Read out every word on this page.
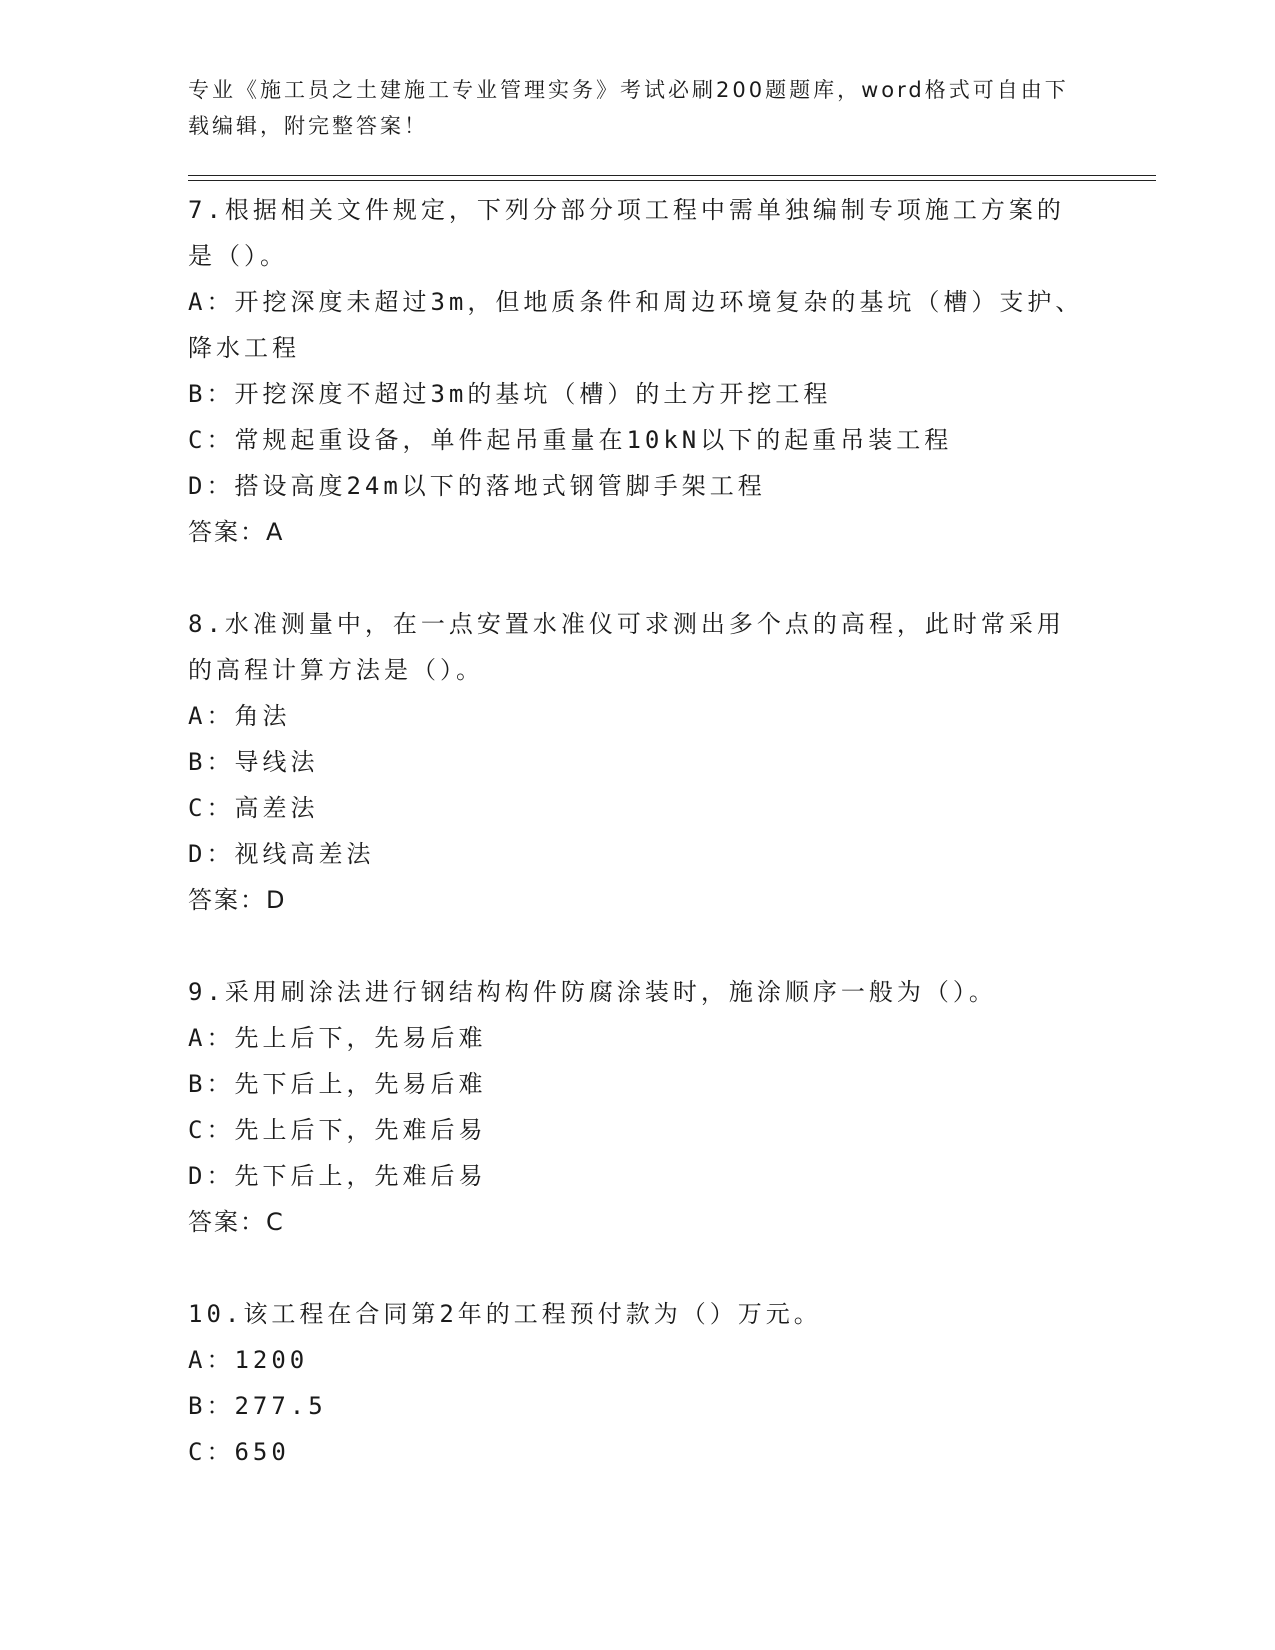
专业《施工员之土建施工专业管理实务》考试必刷200题题库，word格式可自由下载编辑，附完整答案！

7.根据相关文件规定，下列分部分项工程中需单独编制专项施工方案的是（）。

A：开挖深度未超过3m，但地质条件和周边环境复杂的基坑（槽）支护、降水工程

B：开挖深度不超过3m的基坑（槽）的土方开挖工程

C：常规起重设备，单件起吊重量在10kN以下的起重吊装工程

D：搭设高度24m以下的落地式钢管脚手架工程

答案：A

8.水准测量中，在一点安置水准仪可求测出多个点的高程，此时常采用的高程计算方法是（）。

A：角法

B：导线法

C：高差法

D：视线高差法

答案：D

9.采用刷涂法进行钢结构构件防腐涂装时，施涂顺序一般为（）。

A：先上后下，先易后难

B：先下后上，先易后难

C：先上后下，先难后易

D：先下后上，先难后易

答案：C

10.该工程在合同第2年的工程预付款为（）万元。

A：1200

B：277.5

C：650
